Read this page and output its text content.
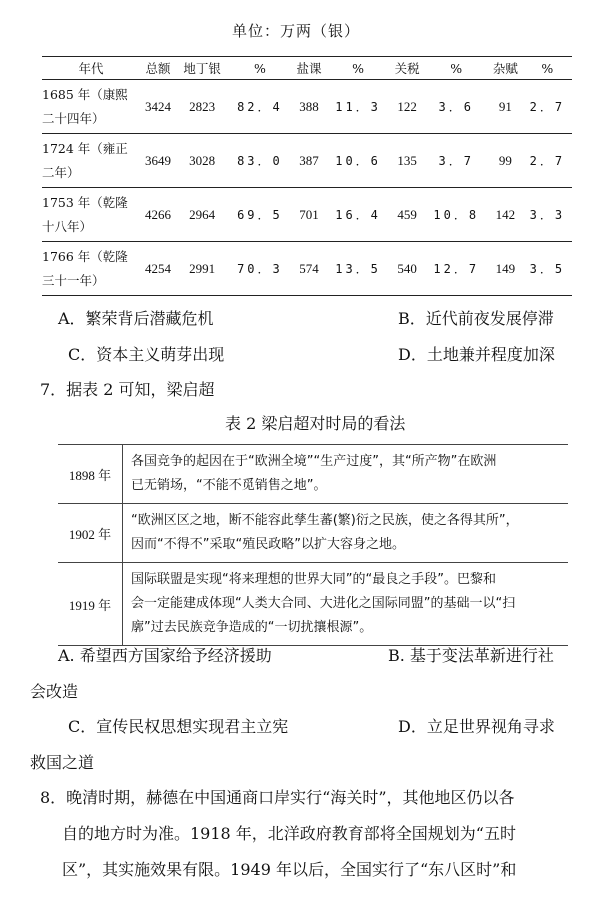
单位：万两（银）
年代	总额	地丁银	%	盐课	%	关税	%	杂赋	%

1685 年（康熙
二十四年）	3424	2823	82．4	388	11．3	122	3．6	91	2．7

1724 年（雍正
二年）	3649	3028	83．0	387	10．6	135	3．7	99	2．7

1753 年（乾隆
十八年）	4266	2964	69．5	701	16．4	459	10．8	142	3．3

1766 年（乾隆
三十一年）	4254	2991	70．3	574	13．5	540	12．7	149	3．5
A．繁荣背后潜藏危机	B．近代前夜发展停滞
C．资本主义萌芽出现	D．土地兼并程度加深
7．据表 2 可知，梁启超
表 2 梁启超对时局的看法
1898 年	各国竞争的起因在于“欧洲全境”“生产过度”，其“所产物”在欧洲
已无销场，“不能不觅销售之地”。

1902 年	“欧洲区区之地，断不能容此孳生蕃(繁)衍之民族，使之各得其所”，
因而“不得不”采取“殖民政略”以扩大容身之地。

1919 年	国际联盟是实现“将来理想的世界大同”的“最良之手段”。巴黎和
会一定能建成体现“人类大合同、大进化之国际同盟”的基础一以“扫
廓”过去民族竞争造成的“一切扰攘根源”。
A. 希望西方国家给予经济援助	B. 基于变法革新进行社
会改造
C．宣传民权思想实现君主立宪	D．立足世界视角寻求
救国之道
8．晚清时期，赫德在中国通商口岸实行“海关时”，其他地区仍以各
自的地方时为准。1918 年，北洋政府教育部将全国规划为“五时
区”，其实施效果有限。1949 年以后，全国实行了“东八区时”和
